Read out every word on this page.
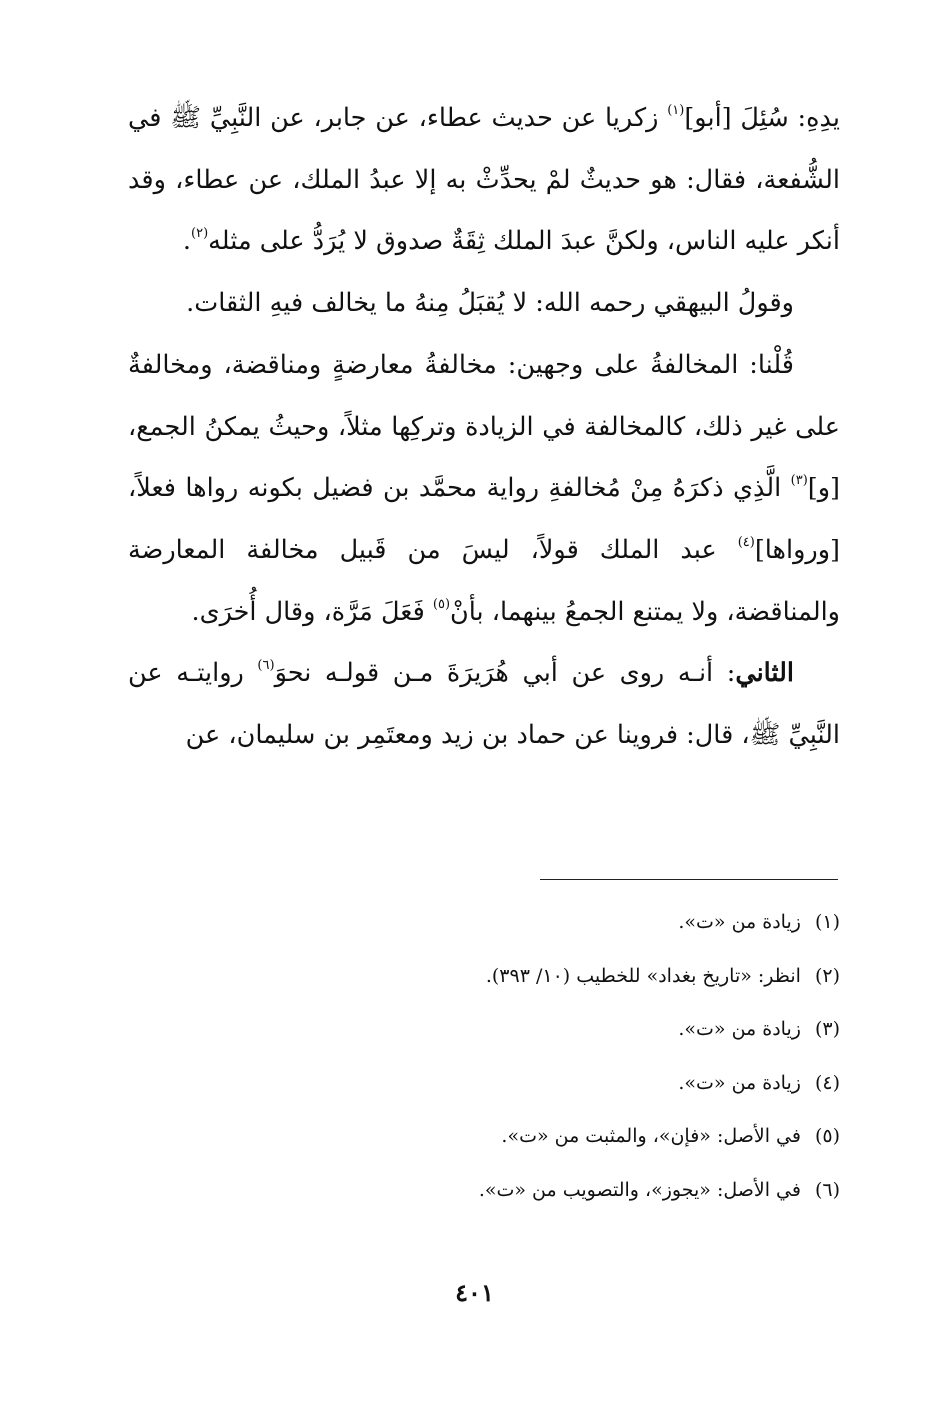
يدِهِ: سُئِلَ [أبو]$^{(١)}$ زكريا عن حديث عطاء، عن جابر، عن النَّبِيِّ ﷺ في الشُّفعة، فقال: هو حديثٌ لمْ يحدِّثْ به إلا عبدُ الملك، عن عطاء، وقد أنكر عليه الناس، ولكنَّ عبدَ الملك ثِقَةٌ صدوق لا يُرَدُّ على مثله$^{(٢)}$.

وقولُ البيهقي رحمه الله: لا يُقبَلُ مِنهُ ما يخالف فيهِ الثقات.

قُلْنا: المخالفةُ على وجهين: مخالفةُ معارضةٍ ومناقضة، ومخالفةٌ على غير ذلك، كالمخالفة في الزيادة وتركِها مثلاً، وحيثُ يمكنُ الجمع، [و]$^{(٣)}$ الَّذِي ذكرَهُ مِنْ مُخالفةِ رواية محمَّد بن فضيل بكونه رواها فعلاً، [ورواها]$^{(٤)}$ عبد الملك قولاً، ليسَ من قَبيل مخالفة المعارضة والمناقضة، ولا يمتنع الجمعُ بينهما، بأنْ$^{(٥)}$ فَعَلَ مَرَّة، وقال أُخرَى.

الثاني: أنـه روى عن أبي هُرَيرَةَ مـن قولـه نحوَ$^{(٦)}$ روايتـه عن النَّبِيِّ ﷺ، قال: فروينا عن حماد بن زيد ومعتَمِر بن سليمان، عن

(١)زيادة من «ت».
(٢)انظر: «تاريخ بغداد» للخطيب (١٠/ ٣٩٣).
(٣)زيادة من «ت».
(٤)زيادة من «ت».
(٥)في الأصل: «فإن»، والمثبت من «ت».
(٦)في الأصل: «يجوز»، والتصويب من «ت».
٤٠١
